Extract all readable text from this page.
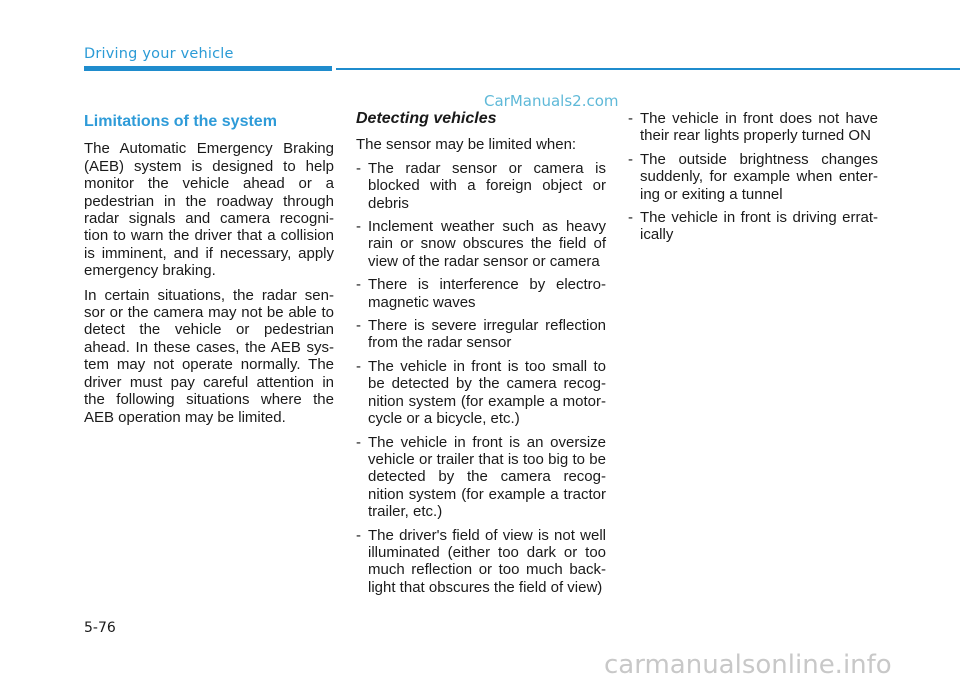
Driving your vehicle
CarManuals2.com
Limitations of the system

The Automatic Emergency Braking (AEB) system is designed to help monitor the vehicle ahead or a pedestrian in the roadway through radar signals and camera recogni-tion to warn the driver that a collision is imminent, and if necessary, apply emergency braking.

In certain situations, the radar sen-sor or the camera may not be able to detect the vehicle or pedestrian ahead. In these cases, the AEB sys-tem may not operate normally. The driver must pay careful attention in the following situations where the AEB operation may be limited.

Detecting vehicles

The sensor may be limited when:

- The radar sensor or camera is blocked with a foreign object or debris
- Inclement weather such as heavy rain or snow obscures the field of view of the radar sensor or camera
- There is interference by electro-magnetic waves
- There is severe irregular reflection from the radar sensor
- The vehicle in front is too small to be detected by the camera recog-nition system (for example a motor-cycle or a bicycle, etc.)
- The vehicle in front is an oversize vehicle or trailer that is too big to be detected by the camera recog-nition system (for example a tractor trailer, etc.)
- The driver's field of view is not well illuminated (either too dark or too much reflection or too much back-light that obscures the field of view)
- The vehicle in front does not have their rear lights properly turned ON
- The outside brightness changes suddenly, for example when enter-ing or exiting a tunnel
- The vehicle in front is driving errat-ically
5-76
carmanualsonline.info
